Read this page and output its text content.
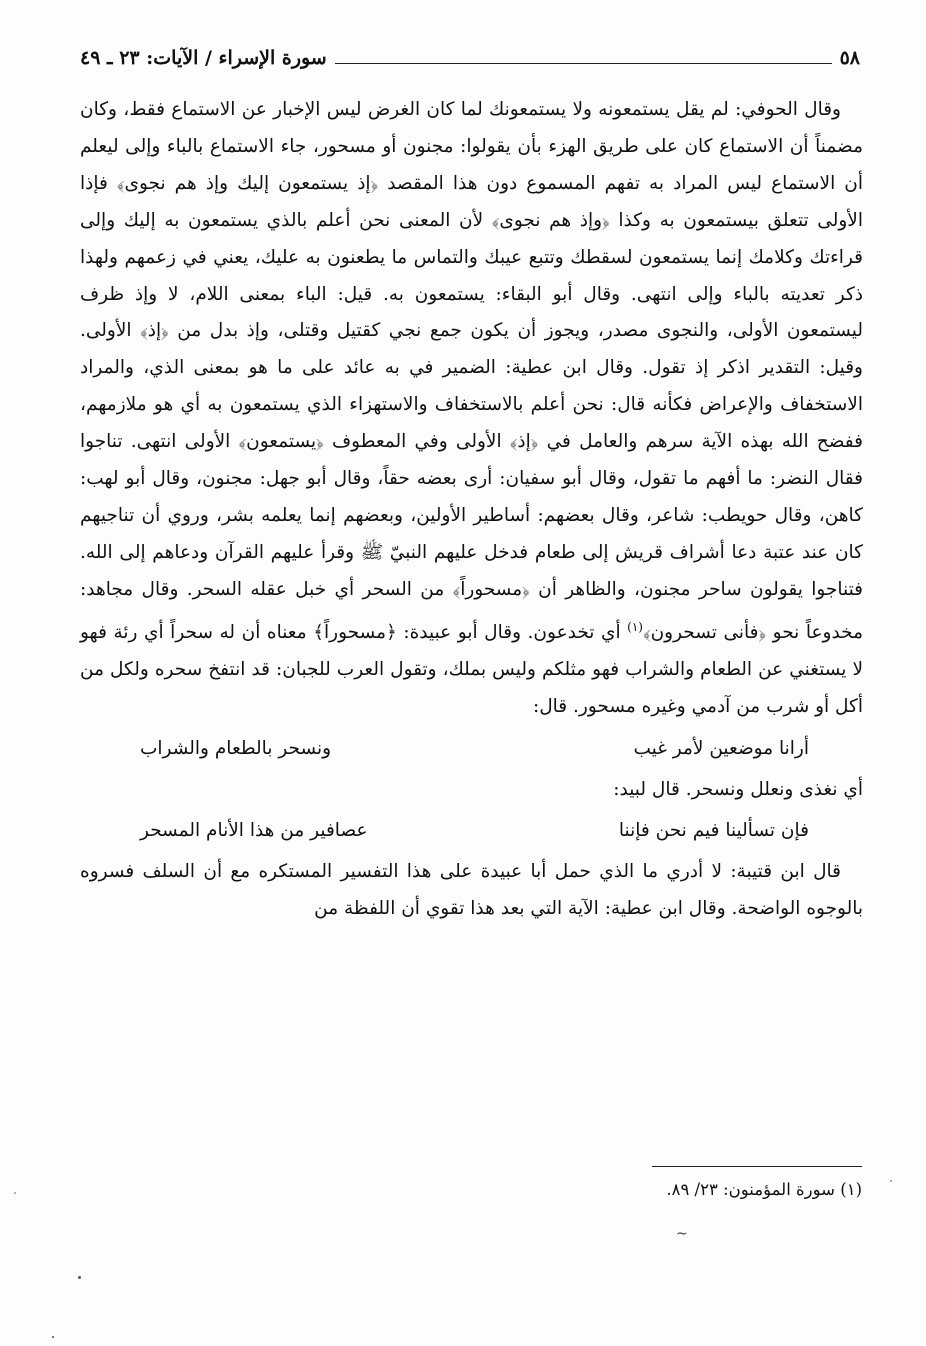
٥٨
سورة الإسراء / الآيات: ٢٣ ـ ٤٩

وقال الحوفي: لم يقل يستمعونه ولا يستمعونك لما كان الغرض ليس الإخبار عن الاستماع فقط، وكان مضمناً أن الاستماع كان على طريق الهزء بأن يقولوا: مجنون أو مسحور، جاء الاستماع بالباء وإلى ليعلم أن الاستماع ليس المراد به تفهم المسموع دون هذا المقصد ﴿إذ يستمعون إليك وإذ هم نجوى﴾ فإذا الأولى تتعلق بيستمعون به وكذا ﴿وإذ هم نجوى﴾ لأن المعنى نحن أعلم بالذي يستمعون به إليك وإلى قراءتك وكلامك إنما يستمعون لسقطك وتتبع عيبك والتماس ما يطعنون به عليك، يعني في زعمهم ولهذا ذكر تعديته بالباء وإلى انتهى. وقال أبو البقاء: يستمعون به. قيل: الباء بمعنى اللام، لا وإذ ظرف ليستمعون الأولى، والنجوى مصدر، ويجوز أن يكون جمع نجي كقتيل وقتلى، وإذ بدل من ﴿إذ﴾ الأولى. وقيل: التقدير اذكر إذ تقول. وقال ابن عطية: الضمير في به عائد على ما هو بمعنى الذي، والمراد الاستخفاف والإعراض فكأنه قال: نحن أعلم بالاستخفاف والاستهزاء الذي يستمعون به أي هو ملازمهم، ففضح الله بهذه الآية سرهم والعامل في ﴿إذ﴾ الأولى وفي المعطوف ﴿يستمعون﴾ الأولى انتهى. تناجوا فقال النضر: ما أفهم ما تقول، وقال أبو سفيان: أرى بعضه حقاً، وقال أبو جهل: مجنون، وقال أبو لهب: كاهن، وقال حويطب: شاعر، وقال بعضهم: أساطير الأولين، وبعضهم إنما يعلمه بشر، وروي أن تناجيهم كان عند عتبة دعا أشراف قريش إلى طعام فدخل عليهم النبيّ ﷺ وقرأ عليهم القرآن ودعاهم إلى الله. فتناجوا يقولون ساحر مجنون، والظاهر أن ﴿مسحوراً﴾ من السحر أي خبل عقله السحر. وقال مجاهد: مخدوعاً نحو ﴿فأنى تسحرون﴾$^{(١)}$ أي تخدعون. وقال أبو عبيدة: ﴿مسحوراً﴾ معناه أن له سحراً أي رئة فهو لا يستغني عن الطعام والشراب فهو مثلكم وليس بملك، وتقول العرب للجبان: قد انتفخ سحره ولكل من أكل أو شرب من آدمي وغيره مسحور. قال:

أرانا موضعين لأمر غيب
ونسحر بالطعام والشراب

أي نغذى ونعلل ونسحر. قال لبيد:

فإن تسألينا فيم نحن فإننا
عصافير من هذا الأنام المسحر

قال ابن قتيبة: لا أدري ما الذي حمل أبا عبيدة على هذا التفسير المستكره مع أن السلف فسروه بالوجوه الواضحة. وقال ابن عطية: الآية التي بعد هذا تقوي أن اللفظة من

(١) سورة المؤمنون: ٢٣/ ٨٩.
~
